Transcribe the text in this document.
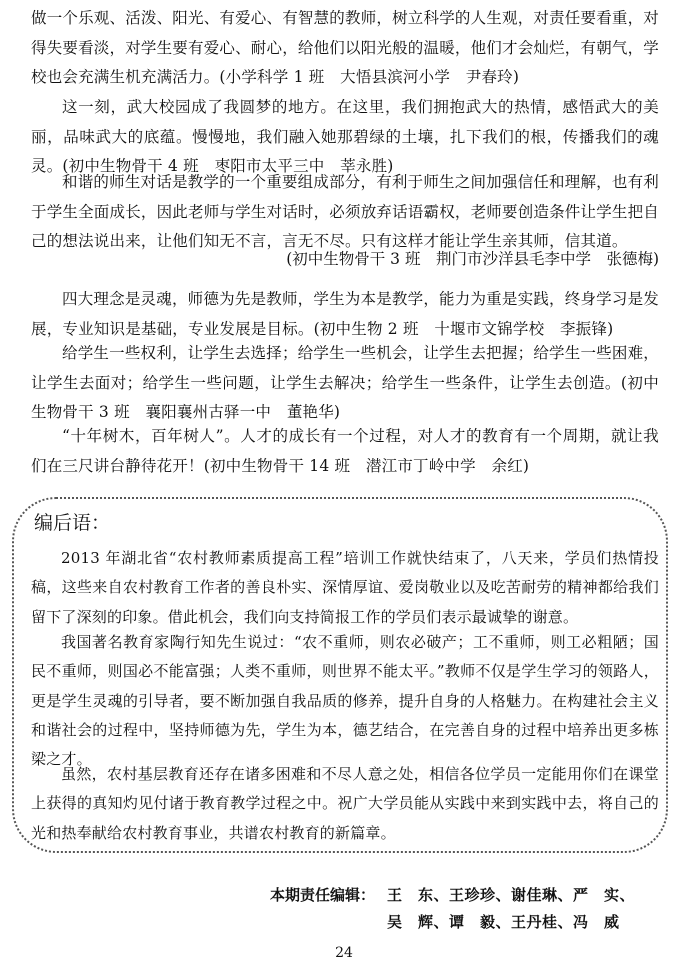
做一个乐观、活泼、阳光、有爱心、有智慧的教师，树立科学的人生观，对责任要看重，对得失要看淡，对学生要有爱心、耐心，给他们以阳光般的温暖，他们才会灿烂，有朝气，学校也会充满生机充满活力。(小学科学 1 班　大悟县滨河小学　尹春玲)

这一刻，武大校园成了我圆梦的地方。在这里，我们拥抱武大的热情，感悟武大的美丽，品味武大的底蕴。慢慢地，我们融入她那碧绿的土壤，扎下我们的根，传播我们的魂灵。(初中生物骨干 4 班　枣阳市太平三中　莘永胜)

和谐的师生对话是教学的一个重要组成部分，有利于师生之间加强信任和理解，也有利于学生全面成长，因此老师与学生对话时，必须放弃话语霸权，老师要创造条件让学生把自己的想法说出来，让他们知无不言，言无不尽。只有这样才能让学生亲其师，信其道。

(初中生物骨干 3 班　荆门市沙洋县毛李中学　张德梅)

四大理念是灵魂，师德为先是教师，学生为本是教学，能力为重是实践，终身学习是发展，专业知识是基础，专业发展是目标。(初中生物 2 班　十堰市文锦学校　李振锋)

给学生一些权利，让学生去选择；给学生一些机会，让学生去把握；给学生一些困难，让学生去面对；给学生一些问题，让学生去解决；给学生一些条件，让学生去创造。(初中生物骨干 3 班　襄阳襄州古驿一中　董艳华)

“十年树木，百年树人”。人才的成长有一个过程，对人才的教育有一个周期，就让我们在三尺讲台静待花开！(初中生物骨干 14 班　潜江市丁岭中学　余红)

编后语：

2013 年湖北省“农村教师素质提高工程”培训工作就快结束了，八天来，学员们热情投稿，这些来自农村教育工作者的善良朴实、深情厚谊、爱岗敬业以及吃苦耐劳的精神都给我们留下了深刻的印象。借此机会，我们向支持简报工作的学员们表示最诚挚的谢意。

我国著名教育家陶行知先生说过：“农不重师，则农必破产；工不重师，则工必粗陋；国民不重师，则国必不能富强；人类不重师，则世界不能太平。”教师不仅是学生学习的领路人，更是学生灵魂的引导者，要不断加强自我品质的修养，提升自身的人格魅力。在构建社会主义和谐社会的过程中，坚持师德为先，学生为本，德艺结合，在完善自身的过程中培养出更多栋梁之才。

虽然，农村基层教育还存在诸多困难和不尽人意之处，相信各位学员一定能用你们在课堂上获得的真知灼见付诸于教育教学过程之中。祝广大学员能从实践中来到实践中去，将自己的光和热奉献给农村教育事业，共谱农村教育的新篇章。

本期责任编辑： 王　东、王珍珍、谢佳琳、严　实、
吴　辉、谭　毅、王丹桂、冯　威

24
